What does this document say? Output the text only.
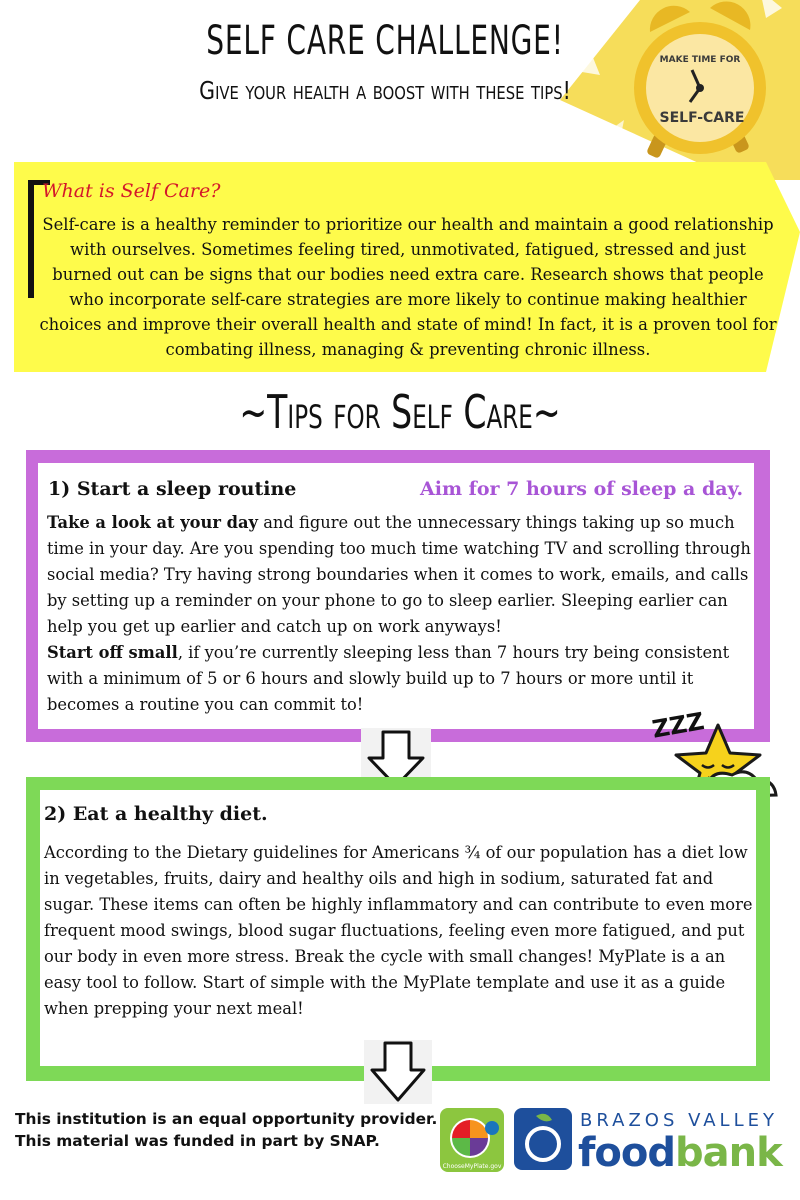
MAKE TIME FOR
SELF-CARE
SELF CARE CHALLENGE!
Give your health a boost with these tips!
What is Self Care?
Self-care is a healthy reminder to prioritize our health and maintain a good relationship with ourselves. Sometimes feeling tired, unmotivated, fatigued, stressed and just burned out can be signs that our bodies need extra care. Research shows that people who incorporate self-care strategies are more likely to continue making healthier choices and improve their overall health and state of mind! In fact, it is a proven tool for combating illness, managing & preventing chronic illness.
~Tips for Self Care~
1) Start a sleep routine	Aim for 7 hours of sleep a day.
Take a look at your day and figure out the unnecessary things taking up so much time in your day. Are you spending too much time watching TV and scrolling through social media? Try having strong boundaries when it comes to work, emails, and calls by setting up a reminder on your phone to go to sleep earlier. Sleeping earlier can help you get up earlier and catch up on work anyways!
Start off small, if you’re currently sleeping less than 7 hours try being consistent with a minimum of 5 or 6 hours and slowly build up to 7 hours or more until it becomes a routine you can commit to!
ZZZ
2) Eat a healthy diet.
According to the Dietary guidelines for Americans ¾ of our population has a diet low in vegetables, fruits, dairy and healthy oils and high in sodium, saturated fat and sugar. These items can often be highly inflammatory and can contribute to even more frequent mood swings, blood sugar fluctuations, feeling even more fatigued, and put our body in even more stress. Break the cycle with small changes! MyPlate is a an easy tool to follow. Start of simple with the MyPlate template and use it as a guide when prepping your next meal!
This institution is an equal opportunity provider. This material was funded in part by SNAP.
ChooseMyPlate.gov
BRAZOS VALLEY
foodbank
